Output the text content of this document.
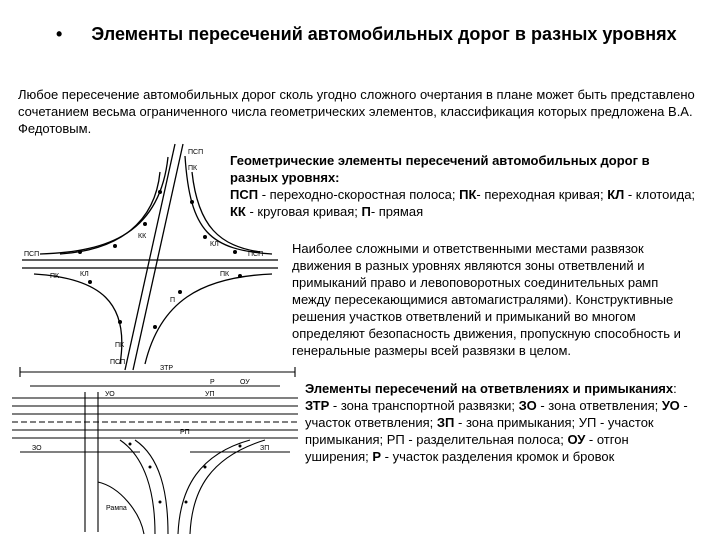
•	Элементы пересечений автомобильных дорог в разных уровнях
Любое пересечение автомобильных дорог сколь угодно сложного очертания в плане может быть представлено сочетанием весьма ограниченного числа геометрических элементов, классификация которых предложена В.А. Федотовым.
ПСП
ПК	КЛ
ПСП
ПК
КЛ
ПСП
ПК
ПСП
ПК
КК
П
Геометрические элементы пересечений автомобильных дорог в разных уровнях:
ПСП - переходно-скоростная полоса; ПК- переходная кривая; КЛ - клотоида; КК - круговая кривая; П- прямая
Наиболее сложными и ответственными местами развязок движения в разных уровнях являются зоны ответвлений и примыканий право и левоповоротных соединительных рамп между пересекающимися автомагистралями). Конструктивные решения участков ответвлений и примыканий во многом определяют безопасность движения, пропускную способность и генеральные размеры всей развязки в целом.
ЗТР
ЗО	ЗП
УО	УП
ОУ
Р
РП
Рампа
Элементы пересечений на ответвлениях и примыканиях:
ЗТР - зона транспортной развязки; ЗО - зона ответвления; УО - участок ответвления; ЗП - зона примыкания; УП - участок примыкания; РП - разделительная полоса; ОУ - отгон уширения; Р - участок разделения кромок и бровок
